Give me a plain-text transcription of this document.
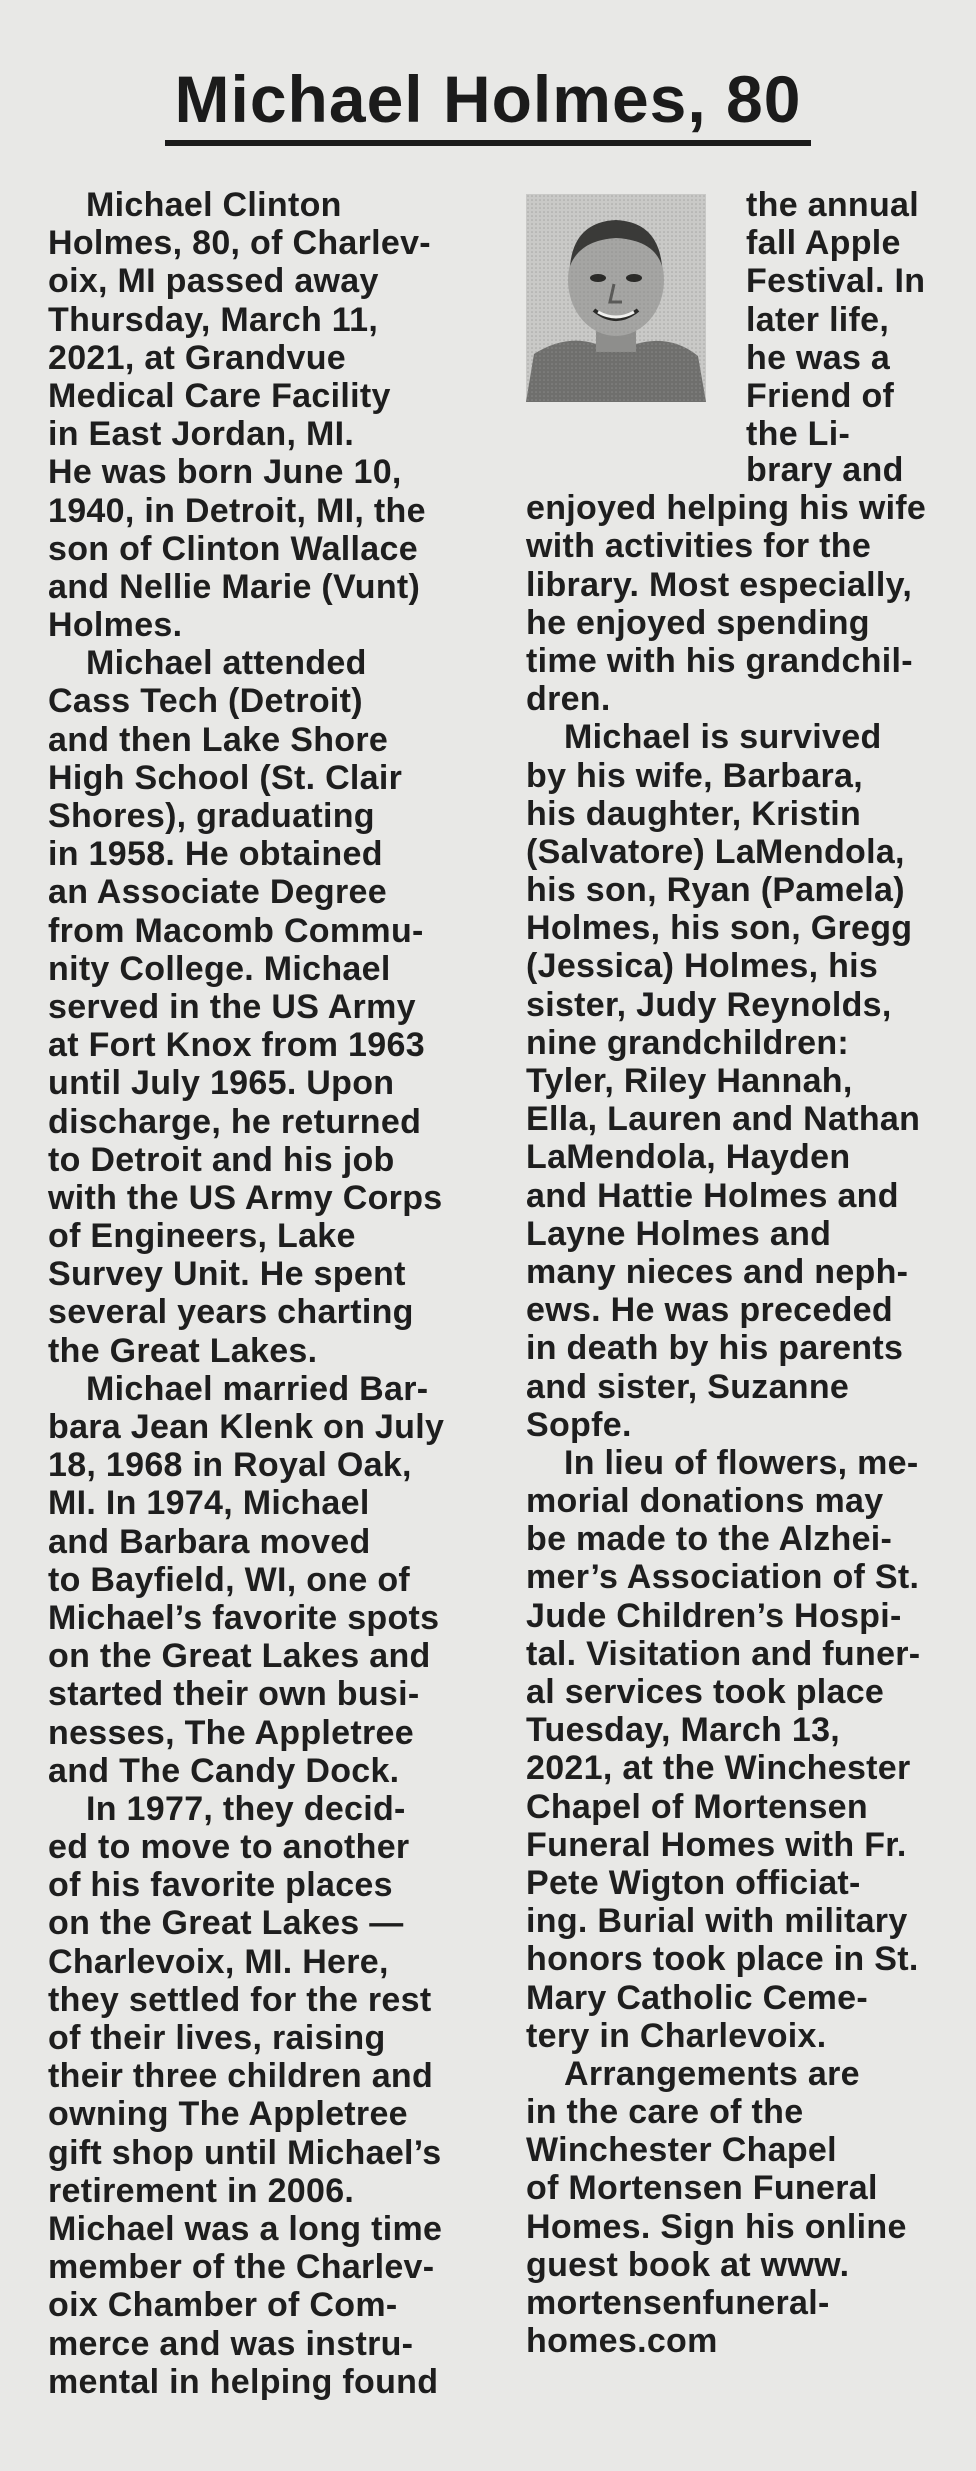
Michael Holmes, 80
Michael Clinton
Holmes, 80, of Charlev-
oix, MI passed away
Thursday, March 11,
2021, at Grandvue
Medical Care Facility
in East Jordan, MI.
He was born June 10,
1940, in Detroit, MI, the
son of Clinton Wallace
and Nellie Marie (Vunt)
Holmes.
Michael attended
Cass Tech (Detroit)
and then Lake Shore
High School (St. Clair
Shores), graduating
in 1958. He obtained
an Associate Degree
from Macomb Commu-
nity College. Michael
served in the US Army
at Fort Knox from 1963
until July 1965. Upon
discharge, he returned
to Detroit and his job
with the US Army Corps
of Engineers, Lake
Survey Unit. He spent
several years charting
the Great Lakes.
Michael married Bar-
bara Jean Klenk on July
18, 1968 in Royal Oak,
MI. In 1974, Michael
and Barbara moved
to Bayfield, WI, one of
Michael’s favorite spots
on the Great Lakes and
started their own busi-
nesses, The Appletree
and The Candy Dock.
In 1977, they decid-
ed to move to another
of his favorite places
on the Great Lakes —
Charlevoix, MI. Here,
they settled for the rest
of their lives, raising
their three children and
owning The Appletree
gift shop until Michael’s
retirement in 2006.
Michael was a long time
member of the Charlev-
oix Chamber of Com-
merce and was instru-
mental in helping found
the annual
fall Apple
Festival. In
later life,
he was a
Friend of
the Li-
brary and
enjoyed helping his wife
with activities for the
library. Most especially,
he enjoyed spending
time with his grandchil-
dren.
Michael is survived
by his wife, Barbara,
his daughter, Kristin
(Salvatore) LaMendola,
his son, Ryan (Pamela)
Holmes, his son, Gregg
(Jessica) Holmes, his
sister, Judy Reynolds,
nine grandchildren:
Tyler, Riley Hannah,
Ella, Lauren and Nathan
LaMendola, Hayden
and Hattie Holmes and
Layne Holmes and
many nieces and neph-
ews. He was preceded
in death by his parents
and sister, Suzanne
Sopfe.
In lieu of flowers, me-
morial donations may
be made to the Alzhei-
mer’s Association of St.
Jude Children’s Hospi-
tal. Visitation and funer-
al services took place
Tuesday, March 13,
2021, at the Winchester
Chapel of Mortensen
Funeral Homes with Fr.
Pete Wigton officiat-
ing. Burial with military
honors took place in St.
Mary Catholic Ceme-
tery in Charlevoix.
Arrangements are
in the care of the
Winchester Chapel
of Mortensen Funeral
Homes. Sign his online
guest book at www.
mortensenfuneral-
homes.com
